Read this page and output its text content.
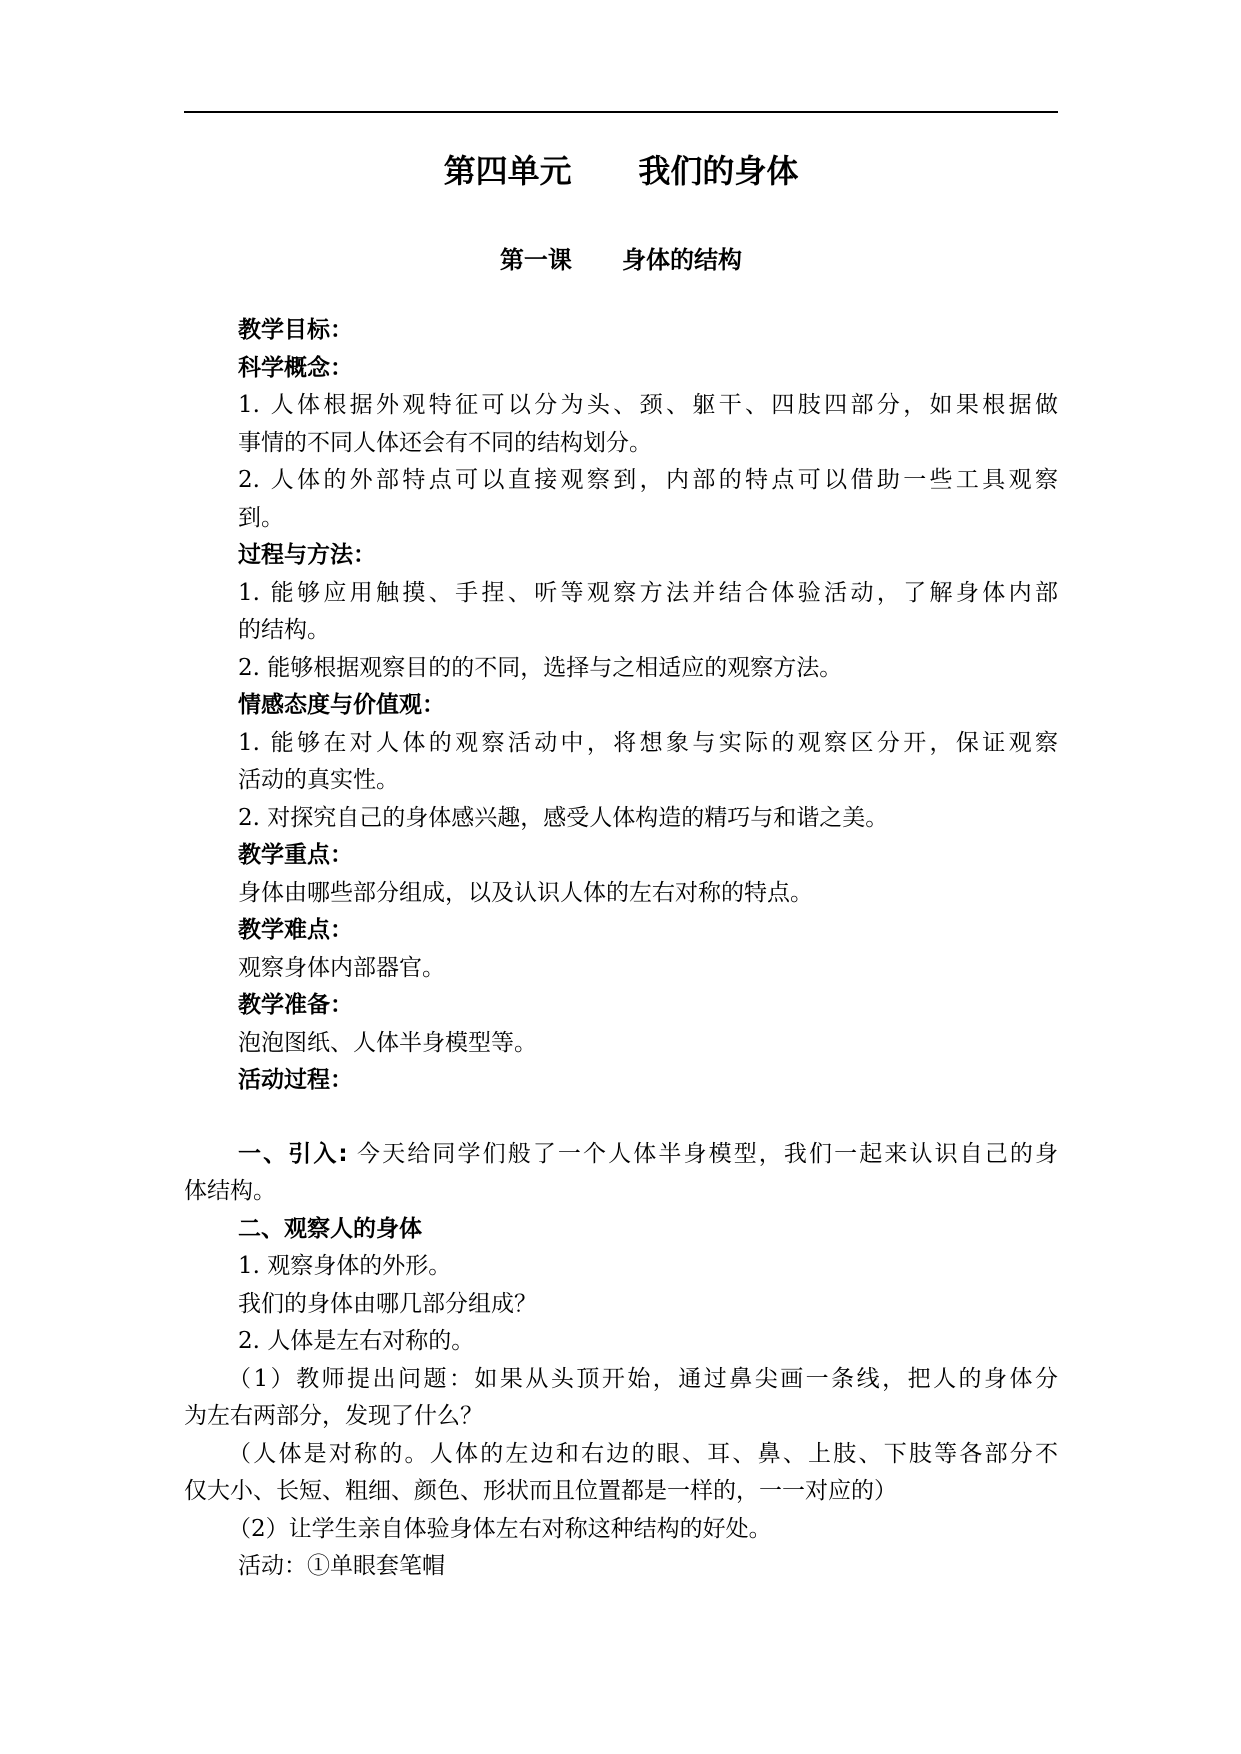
第四单元      我们的身体
第一课      身体的结构
教学目标：
科学概念：
1. 人体根据外观特征可以分为头、颈、躯干、四肢四部分，如果根据做
事情的不同人体还会有不同的结构划分。
2. 人体的外部特点可以直接观察到，内部的特点可以借助一些工具观察
到。
过程与方法：
1. 能够应用触摸、手捏、听等观察方法并结合体验活动，了解身体内部
的结构。
2. 能够根据观察目的的不同，选择与之相适应的观察方法。
情感态度与价值观：
1. 能够在对人体的观察活动中，将想象与实际的观察区分开，保证观察
活动的真实性。
2. 对探究自己的身体感兴趣，感受人体构造的精巧与和谐之美。
教学重点：
身体由哪些部分组成，以及认识人体的左右对称的特点。
教学难点：
观察身体内部器官。
教学准备：
泡泡图纸、人体半身模型等。
活动过程：
一、引入: 今天给同学们般了一个人体半身模型，我们一起来认识自己的身
体结构。
二、观察人的身体
1. 观察身体的外形。
我们的身体由哪几部分组成？
2. 人体是左右对称的。
（1）教师提出问题：如果从头顶开始，通过鼻尖画一条线，把人的身体分
为左右两部分，发现了什么？
（人体是对称的。人体的左边和右边的眼、耳、鼻、上肢、下肢等各部分不
仅大小、长短、粗细、颜色、形状而且位置都是一样的，一一对应的）
（2）让学生亲自体验身体左右对称这种结构的好处。
活动：①单眼套笔帽
